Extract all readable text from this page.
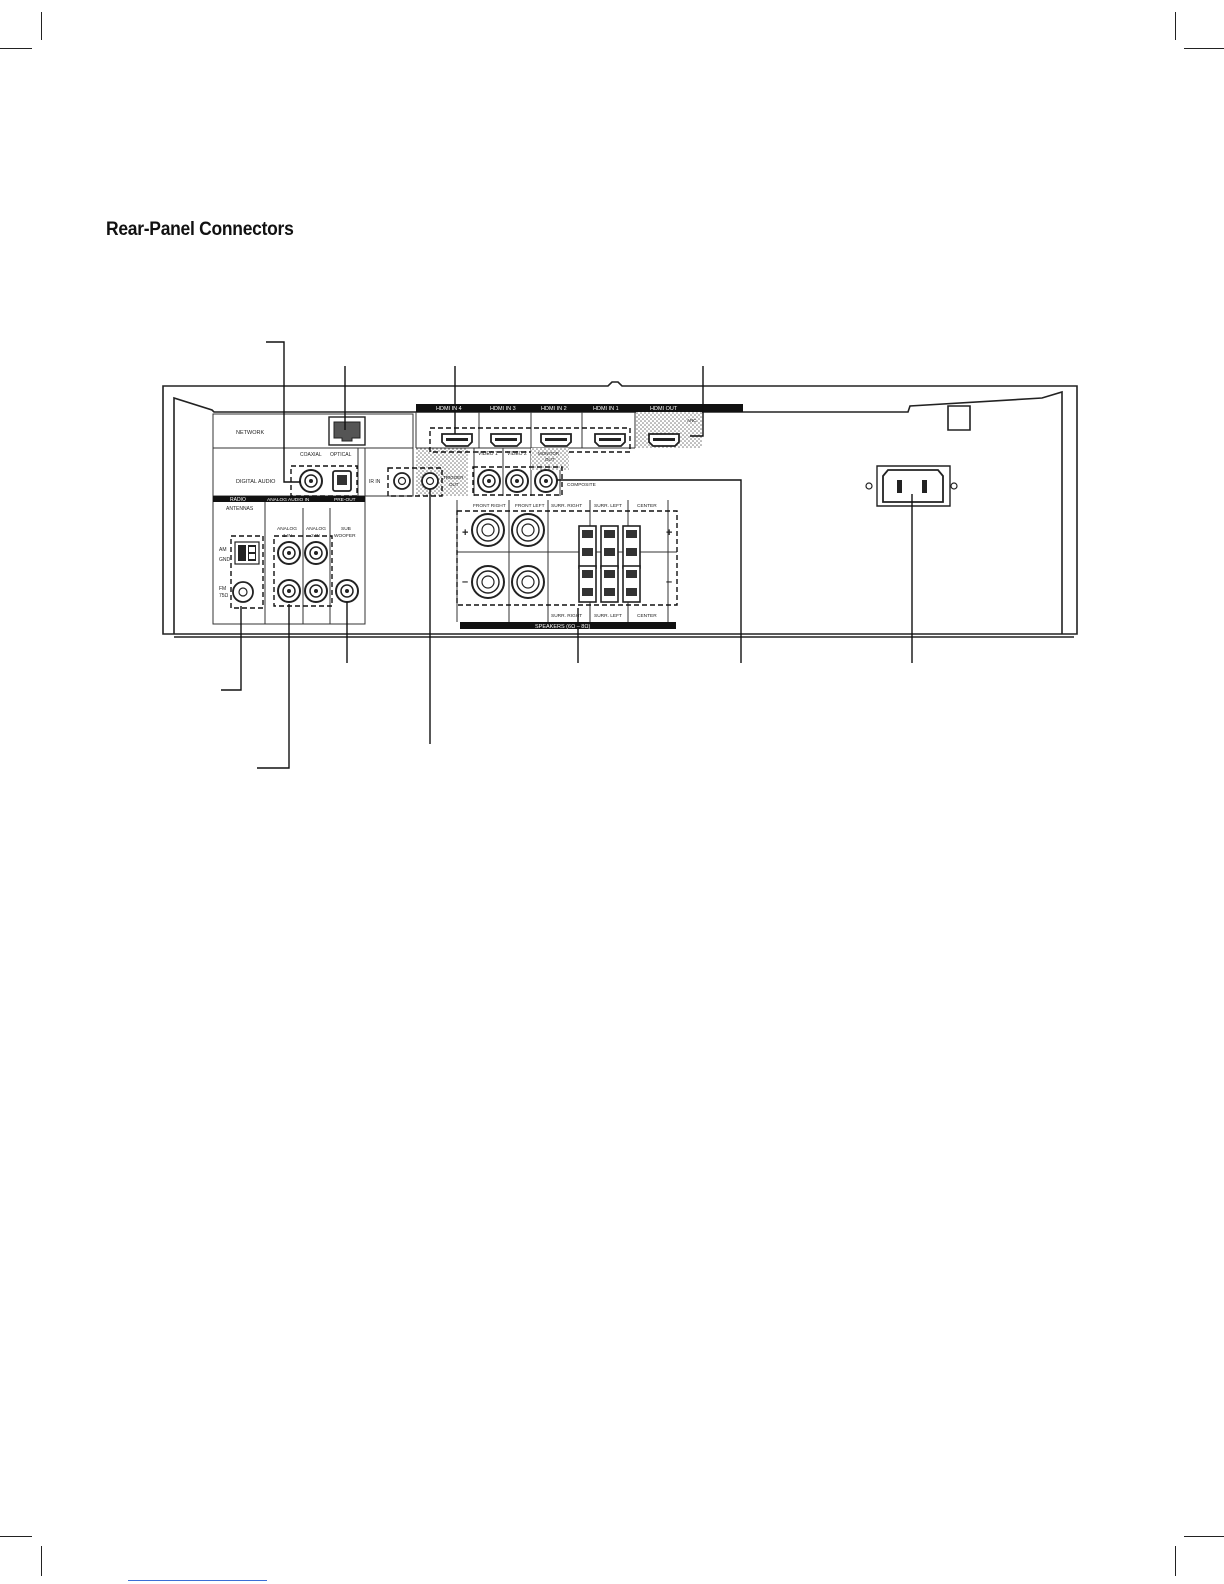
Rear-Panel Connectors
NETWORK
DIGITAL AUDIO
COAXIAL OPTICAL
RADIO
ANTENNAS
ANALOG AUDIO IN	PRE-OUT
ANALOG
1 IN
ANALOG
2 IN
SUB
WOOFER
AM
GND
FM
75Ω
IR IN
TRIGGER
OUT
HDMI IN 4	HDMI IN 3	HDMI IN 2	HDMI IN 1	HDMI OUT
ARC
VIDEO 1 VIDEO 2	MONITOR
OUT
COMPOSITE
FRONT RIGHT FRONT LEFT SURR. RIGHT SURR. LEFT	CENTER
SURR. RIGHT SURR. LEFT	CENTER
+
–
+
–
SPEAKERS (6Ω – 8Ω)
